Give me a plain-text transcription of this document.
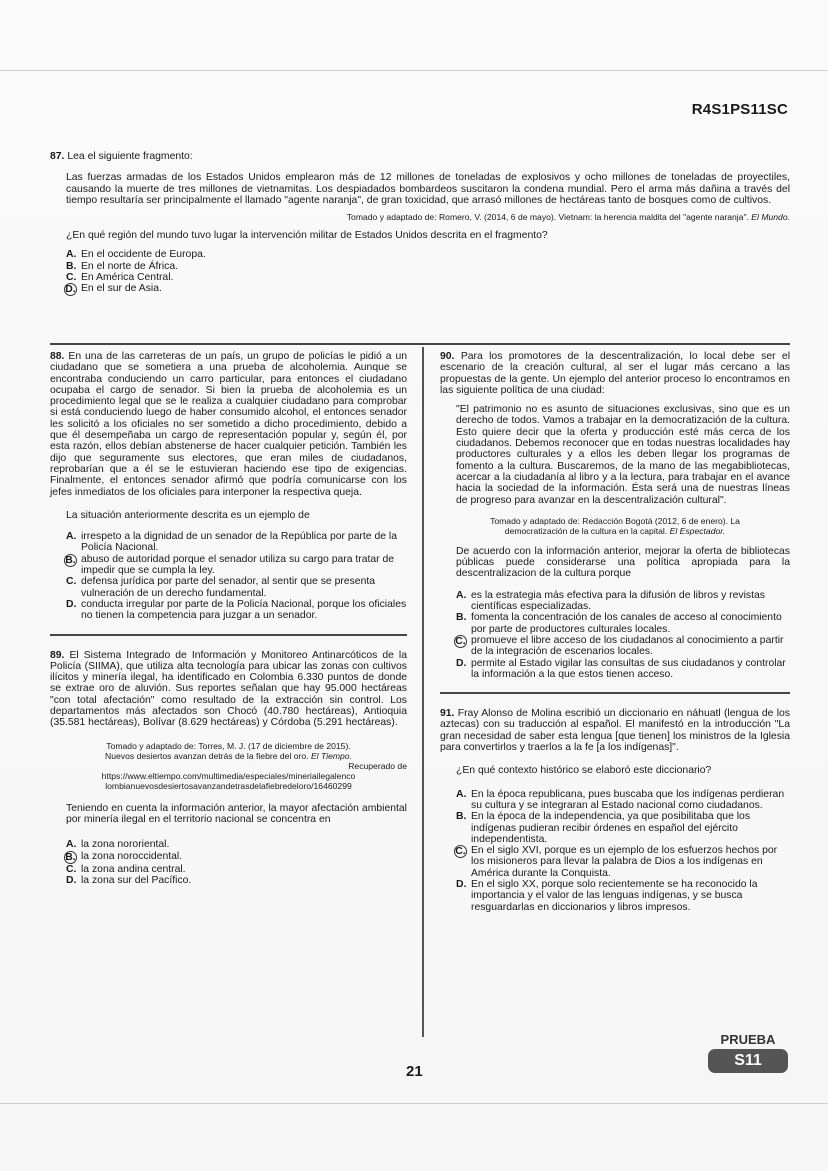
R4S1PS11SC
87. Lea el siguiente fragmento:
Las fuerzas armadas de los Estados Unidos emplearon más de 12 millones de toneladas de explosivos y ocho millones de toneladas de proyectiles, causando la muerte de tres millones de vietnamitas. Los despiadados bombardeos suscitaron la condena mundial. Pero el arma más dañina a través del tiempo resultaría ser principalmente el llamado "agente naranja", de gran toxicidad, que arrasó millones de hectáreas tanto de bosques como de cultivos.
Tomado y adaptado de: Romero, V. (2014, 6 de mayo). Vietnam: la herencia maldita del "agente naranja". El Mundo.
¿En qué región del mundo tuvo lugar la intervención militar de Estados Unidos descrita en el fragmento?
A. En el occidente de Europa.
B. En el norte de África.
C. En América Central.
D. En el sur de Asia.
88. En una de las carreteras de un país, un grupo de policías le pidió a un ciudadano que se sometiera a una prueba de alcoholemia. Aunque se encontraba conduciendo un carro particular, para entonces el ciudadano ocupaba el cargo de senador. Si bien la prueba de alcoholemia es un procedimiento legal que se le realiza a cualquier ciudadano para comprobar si está conduciendo luego de haber consumido alcohol, el entonces senador les solicitó a los oficiales no ser sometido a dicho procedimiento, debido a que él desempeñaba un cargo de representación popular y, según él, por esta razón, ellos debían abstenerse de hacer cualquier petición. También les dijo que seguramente sus electores, que eran miles de ciudadanos, reprobarían que a él se le estuvieran haciendo ese tipo de exigencias. Finalmente, el entonces senador afirmó que podría comunicarse con los jefes inmediatos de los oficiales para interponer la respectiva queja.
La situación anteriormente descrita es un ejemplo de
A. irrespeto a la dignidad de un senador de la República por parte de la Policía Nacional.
B. abuso de autoridad porque el senador utiliza su cargo para tratar de impedir que se cumpla la ley.
C. defensa jurídica por parte del senador, al sentir que se presenta vulneración de un derecho fundamental.
D. conducta irregular por parte de la Policía Nacional, porque los oficiales no tienen la competencia para juzgar a un senador.
89. El Sistema Integrado de Información y Monitoreo Antinarcóticos de la Policía (SIIMA), que utiliza alta tecnología para ubicar las zonas con cultivos ilícitos y minería ilegal, ha identificado en Colombia 6.330 puntos de donde se extrae oro de aluvión. Sus reportes señalan que hay 95.000 hectáreas "con total afectación" como resultado de la extracción sin control. Los departamentos más afectados son Chocó (40.780 hectáreas), Antioquia (35.581 hectáreas), Bolívar (8.629 hectáreas) y Córdoba (5.291 hectáreas).
Tomado y adaptado de: Torres, M. J. (17 de diciembre de 2015).
Nuevos desiertos avanzan detrás de la fiebre del oro. El Tiempo.
Recuperado de
https://www.eltiempo.com/multimedia/especiales/mineriailegalenco
lombianuevosdesiertosavanzandetrasdelafiebredeloro/16460299
Teniendo en cuenta la información anterior, la mayor afectación ambiental por minería ilegal en el territorio nacional se concentra en
A. la zona nororiental.
B. la zona noroccidental.
C. la zona andina central.
D. la zona sur del Pacífico.
90. Para los promotores de la descentralización, lo local debe ser el escenario de la creación cultural, al ser el lugar más cercano a las propuestas de la gente. Un ejemplo del anterior proceso lo encontramos en las siguiente política de una ciudad:
"El patrimonio no es asunto de situaciones exclusivas, sino que es un derecho de todos. Vamos a trabajar en la democratización de la cultura. Esto quiere decir que la oferta y producción esté más cerca de los ciudadanos. Debemos reconocer que en todas nuestras localidades hay productores culturales y a ellos les deben llegar los programas de fomento a la cultura. Buscaremos, de la mano de las megabibliotecas, acercar a la ciudadanía al libro y a la lectura, para trabajar en el avance hacia la sociedad de la información. Ésta será una de nuestras líneas de progreso para avanzar en la descentralización cultural".
Tomado y adaptado de: Redacción Bogotá (2012, 6 de enero). La
democratización de la cultura en la capital. El Espectador.
De acuerdo con la información anterior, mejorar la oferta de bibliotecas públicas puede considerarse una política apropiada para la descentralizacion de la cultura porque
A. es la estrategia más efectiva para la difusión de libros y revistas científicas especializadas.
B. fomenta la concentración de los canales de acceso al conocimiento por parte de productores culturales locales.
C. promueve el libre acceso de los ciudadanos al conocimiento a partir de la integración de escenarios locales.
D. permite al Estado vigilar las consultas de sus ciudadanos y controlar la información a la que estos tienen acceso.
91. Fray Alonso de Molina escribió un diccionario en náhuatl (lengua de los aztecas) con su traducción al español. El manifestó en la introducción "La gran necesidad de saber esta lengua [que tienen] los ministros de la Iglesia para convertirlos y traerlos a la fe [a los indígenas]".
¿En qué contexto histórico se elaboró este diccionario?
A. En la época republicana, pues buscaba que los indígenas perdieran su cultura y se integraran al Estado nacional como ciudadanos.
B. En la época de la independencia, ya que posibilitaba que los indígenas pudieran recibir órdenes en español del ejército independentista.
C. En el siglo XVI, porque es un ejemplo de los esfuerzos hechos por los misioneros para llevar la palabra de Dios a los indígenas en América durante la Conquista.
D. En el siglo XX, porque solo recientemente se ha reconocido la importancia y el valor de las lenguas indígenas, y se busca resguardarlas en diccionarios y libros impresos.
21
PRUEBA
S11
